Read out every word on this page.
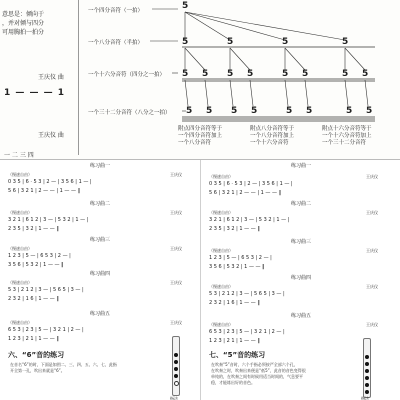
意思是：倾向于
，并对倾与四分
可用胸拍一拍分
王庆仪 曲
1 — — — 1
王庆仪 曲
一 二 三 四
一个四分音符（一拍）
一个八分音符（半拍）
一个十六分音符（四分之一拍）
一个三十二分音符（八分之一拍）
5
5	5	5	5
5 5 5 5	5 5	5 5
5 5 5 5	5 5	5 5
附点四分音符等于
一个四分音符加上
一个八分音符
附点八分音符等于
一个八分音符加上
一个十六分音符
附点十六分音符等于
一个十六分音符加上
一个三十二分音符
练习曲一
（慢速自由）	王庆仪
0 3 5 | 6 · 5 3 | 2 — | 3 5 6 | 1 — |
5 6 | 3 2 1 | 2 — — | 1 — — ‖
练习曲二
（慢速自由）	王庆仪
3 2 1 | 6 1 2 | 3 — | 5 3 2 | 1 — |
2 3 5 | 3 2 | 1 — — ‖
练习曲三
（慢速自由）	王庆仪
1 2 3 | 5 — | 6 5 3 | 2 — |
3 5 6 | 5 3 2 | 1 — — ‖
练习曲四
（慢速自由）	王庆仪
5 3 | 2 1 2 | 3 — | 5 6 5 | 3 — |
2 3 2 | 1 6 | 1 — — ‖
练习曲五
（慢速自由）	王庆仪
6 5 3 | 2 3 | 5 — | 3 2 1 | 2 — |
1 2 3 | 2 1 | 1 — — ‖
六、“6”音的练习
在音名“6”的时，下面是如图二、三、四、五、六、七，此指
开全第一孔，吹出来就是“6”。
指法
练习曲一
（慢速自由）	王庆仪
0 3 5 | 6 · 5 3 | 2 — | 3 5 6 | 1 — |
5 6 | 3 2 1 | 2 — — | 1 — — ‖
练习曲二
（慢速自由）	王庆仪
3 2 1 | 6 1 2 | 3 — | 5 3 2 | 1 — |
2 3 5 | 3 2 | 1 — — ‖
练习曲三
（慢速自由）	王庆仪
1 2 3 | 5 — | 6 5 3 | 2 — |
3 5 6 | 5 3 2 | 1 — — ‖
练习曲四
（慢速自由）	王庆仪
5 3 | 2 1 2 | 3 — | 5 6 5 | 3 — |
2 3 2 | 1 6 | 1 — — ‖
练习曲五
（慢速自由）	王庆仪
6 5 3 | 2 3 | 5 — | 3 2 1 | 2 — |
1 2 3 | 2 1 | 1 — — ‖
七、“5”音的练习
在吹奏“5”音时，六个手指必须按严全部六个孔，
在吹奏之时，吹奏出来便是“低5”，此音的音色变得很
单纯的，在吹奏之间有时候用适当时间的，气息要平
稳，才能练出好的音色。
指法
